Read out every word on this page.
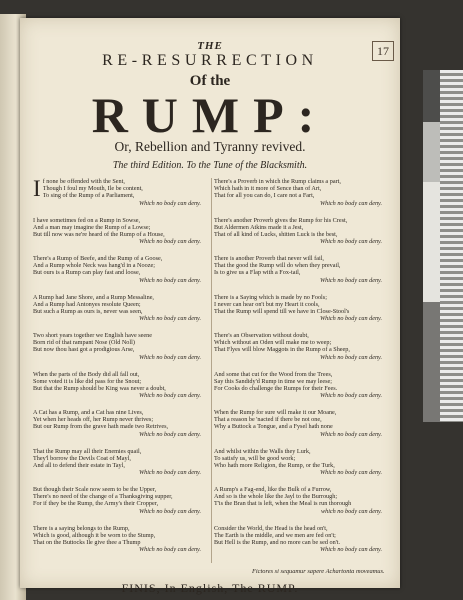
17
THE
RE-RESURRECTION
Of the
RUMP:
Or, Rebellion and Tyranny revived.
The third Edition. To the Tune of the Blacksmith.
I f none be offended with the Sent,
Though I foul my Mouth, Ile be content,
To sing of the Rump of a Parliament,
Which no body can deny.
I have sometimes fed on a Rump in Sowse,
And a man may imagine the Rump of a Lowse;
But till now was ne're heard of the Rump of a House,
Which no body can deny.
There's a Rump of Beefe, and the Rump of a Goose,
And a Rump whole Neck was hang'd in a Nooze;
But ours is a Rump can play fast and loose,
Which no body can deny.
A Rump had Jane Shore, and a Rump Messaline,
And a Rump had Antonyes resolute Queen;
But such a Rump as ours is, never was seen,
Which no body can deny.
Two short years together we English have seene
Born rid of that rampant Nose (Old Noll)
But now thou hast got a prodigious Arse,
Which no body can deny.
When the parts of the Body did all fall out,
Some voted it is like did pass for the Snout;
But that the Rump should be King was never a doubt,
Which no body can deny.
A Cat has a Rump, and a Cat has nine Lives,
Yet when her heads off, her Rump never thrives;
But our Rump from the grave hath made two Retrives,
Which no body can deny.
That the Rump may all their Enemies quail,
They'l borrow the Devils Coat of Mayl,
And all to defend their estate in Tayl,
Which no body can deny.
But though their Scale now seem to be the Upper,
There's no need of the change of a Thanksgiving supper,
For if they be the Rump, the Army's their Cropper,
Which no body can deny.
There is a saying belongs to the Rump,
Which is good, although it be worn to the Stump,
That on the Buttocks Ile give thee a Thump
Which no body can deny.
There's a Proverb in which the Rump claims a part,
Which hath in it more of Sence than of Art,
That for all you can do, I care not a Fart,
Which no body can deny.
There's another Proverb gives the Rump for his Crest,
But Aldermen Atkins made it a Jest,
That of all kind of Lucks, shitten Luck is the best,
Which no body can deny.
There is another Proverb that never will fail,
That the good the Rump will do when they prevail,
Is to give us a Flap with a Fox-tail,
Which no body can deny.
There is a Saying which is made by no Fools;
I never can hear on't but my Heart it cools,
That the Rump will spend till we have in Close-Stool's
Which no body can deny.
There's an Observation without doubt,
Which without an Oden will make me to weep;
That Flyes will blow Maggots in the Rump of a Sheep,
Which no body can deny.
And some that cut for the Wood from the Trees,
Say this Sandidy'd Rump in time we may leese;
For Cooks do challenge the Rumps for their Fees.
Which no body can deny.
When the Rump for sure will make it our Moane,
That a reason be 'nacted if there be not one,
Why a Buttock a Tongue, and a Fysel hath none
Which no body can deny.
And whilst within the Walls they Lurk,
To satisfy us, will be good work;
Who hath more Religion, the Rump, or the Turk,
Which no body can deny.
A Rump's a Fag-end, like the Bulk of a Furrow,
And so is the whole like the Jayl to the Burrough;
T'is the Bran that is left, when the Meal is run thorough
which no body can deny.
Consider the World, the Head is the head on't,
The Earth is the middle, and we men are fed on't;
But Hell is the Rump, and no more can be sed on't.
Which no body can deny.
Fictores si sequamur sapere Achartonta moveamus.
FINIS, In English, The RUMP.
